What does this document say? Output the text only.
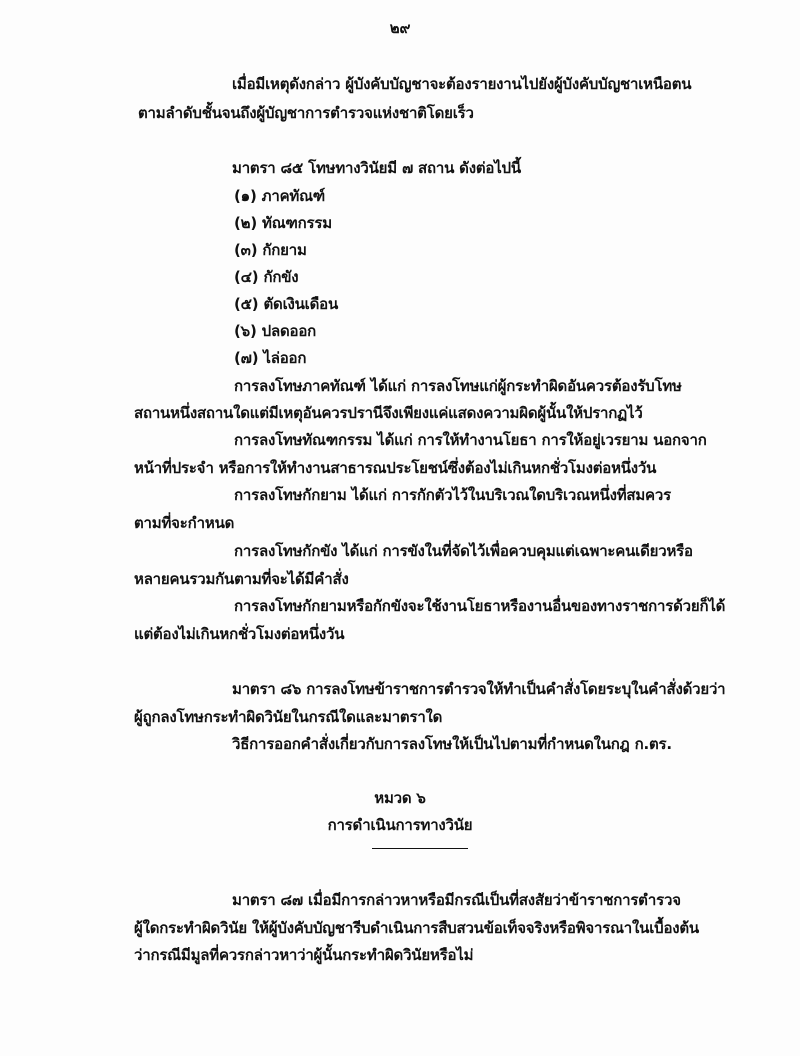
๒๙
เมื่อมีเหตุดังกล่าว ผู้บังคับบัญชาจะต้องรายงานไปยังผู้บังคับบัญชาเหนือตน
ตามลำดับชั้นจนถึงผู้บัญชาการตำรวจแห่งชาติโดยเร็ว
มาตรา ๘๕ โทษทางวินัยมี ๗ สถาน ดังต่อไปนี้
(๑) ภาคทัณฑ์
(๒) ทัณฑกรรม
(๓) กักยาม
(๔) กักขัง
(๕) ตัดเงินเดือน
(๖) ปลดออก
(๗) ไล่ออก
การลงโทษภาคทัณฑ์ ได้แก่ การลงโทษแก่ผู้กระทำผิดอันควรต้องรับโทษ
สถานหนึ่งสถานใดแต่มีเหตุอันควรปรานีจึงเพียงแค่แสดงความผิดผู้นั้นให้ปรากฏไว้
การลงโทษทัณฑกรรม ได้แก่ การให้ทำงานโยธา การให้อยู่เวรยาม นอกจาก
หน้าที่ประจำ หรือการให้ทำงานสาธารณประโยชน์ซึ่งต้องไม่เกินหกชั่วโมงต่อหนึ่งวัน
การลงโทษกักยาม ได้แก่ การกักตัวไว้ในบริเวณใดบริเวณหนึ่งที่สมควร
ตามที่จะกำหนด
การลงโทษกักขัง ได้แก่ การขังในที่จัดไว้เพื่อควบคุมแต่เฉพาะคนเดียวหรือ
หลายคนรวมกันตามที่จะได้มีคำสั่ง
การลงโทษกักยามหรือกักขังจะใช้งานโยธาหรืองานอื่นของทางราชการด้วยก็ได้
แต่ต้องไม่เกินหกชั่วโมงต่อหนึ่งวัน
มาตรา ๘๖ การลงโทษข้าราชการตำรวจให้ทำเป็นคำสั่งโดยระบุในคำสั่งด้วยว่า
ผู้ถูกลงโทษกระทำผิดวินัยในกรณีใดและมาตราใด
วิธีการออกคำสั่งเกี่ยวกับการลงโทษให้เป็นไปตามที่กำหนดในกฎ ก.ตร.
หมวด ๖
การดำเนินการทางวินัย
มาตรา ๘๗ เมื่อมีการกล่าวหาหรือมีกรณีเป็นที่สงสัยว่าข้าราชการตำรวจ
ผู้ใดกระทำผิดวินัย ให้ผู้บังคับบัญชารีบดำเนินการสืบสวนข้อเท็จจริงหรือพิจารณาในเบื้องต้น
ว่ากรณีมีมูลที่ควรกล่าวหาว่าผู้นั้นกระทำผิดวินัยหรือไม่
